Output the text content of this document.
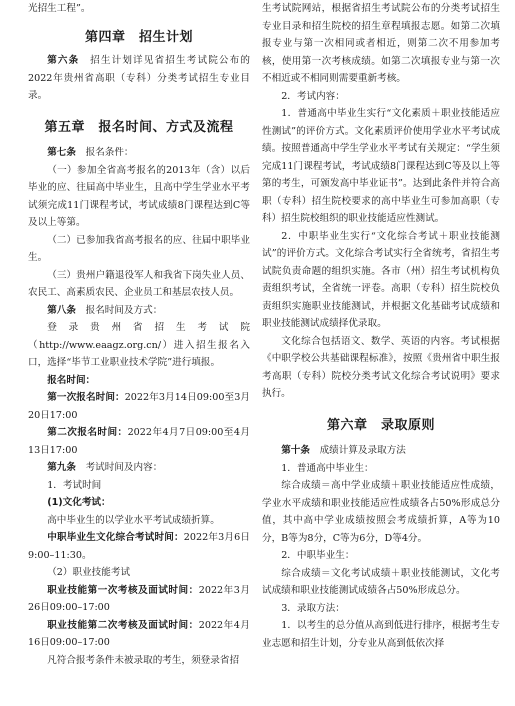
光招生工程”。

第四章　招生计划

第六条　 招生计划详见省招生考试院公布的2022年贵州省高职（专科）分类考试招生专业目录。

第五章　报名时间、方式及流程

第七条　 报名条件：

（一）参加全省高考报名的2013年（含）以后毕业的应、往届高中毕业生，且高中学生学业水平考试须完成11门课程考试，考试成绩8门课程达到C等及以上等第。

（二）已参加我省高考报名的应、往届中职毕业生。

（三）贵州户籍退役军人和我省下岗失业人员、农民工、高素质农民、企业员工和基层农技人员。

第八条　 报名时间及方式：

登录贵州省招生考试院（http://www.eaagz.org.cn/）进入招生报名入口，选择“毕节工业职业技术学院”进行填报。

报名时间：

第一次报名时间：2022年3月14日09:00至3月20日17:00

第二次报名时间：2022年4月7日09:00至4月13日17:00

第九条　 考试时间及内容：

1．考试时间

(1)文化考试：

高中毕业生的以学业水平考试成绩折算。

中职毕业生文化综合考试时间：2022年3月6日9:00–11:30。

（2）职业技能考试

职业技能第一次考核及面试时间：2022年3月26日09:00–17:00

职业技能第二次考核及面试时间：2022年4月16日09:00–17:00

凡符合报考条件未被录取的考生，须登录省招

生考试院网站，根据省招生考试院公布的分类考试招生专业目录和招生院校的招生章程填报志愿。如第二次填报专业与第一次相同或者相近，则第二次不用参加考核，使用第一次考核成绩。如第二次填报专业与第一次不相近或不相同则需要重新考核。

2．考试内容：

1．普通高中毕业生实行“文化素质＋职业技能适应性测试”的评价方式。文化素质评价使用学业水平考试成绩。按照普通高中学生学业水平考试有关规定：“学生须完成11门课程考试，考试成绩8门课程达到C等及以上等第的考生，可颁发高中毕业证书”。达到此条件并符合高职（专科）招生院校要求的高中毕业生可参加高职（专科）招生院校组织的职业技能适应性测试。

2．中职毕业生实行“文化综合考试＋职业技能测试”的评价方式。文化综合考试实行全省统考，省招生考试院负责命题的组织实施。各市（州）招生考试机构负责组织考试，全省统一评卷。高职（专科）招生院校负责组织实施职业技能测试，并根据文化基础考试成绩和职业技能测试成绩择优录取。

文化综合包括语文、数学、英语的内容。考试根据《中职学校公共基础课程标准》，按照《贵州省中职生报考高职（专科）院校分类考试文化综合考试说明》要求执行。

第六章　录取原则

第十条　 成绩计算及录取方法

1．普通高中毕业生：

综合成绩＝高中学业成绩＋职业技能适应性成绩，学业水平成绩和职业技能适应性成绩各占50%形成总分值，其中高中学业成绩按照会考成绩折算，A等为10分，B等为8分，C等为6分，D等4分。

2．中职毕业生：

综合成绩＝文化考试成绩＋职业技能测试，文化考试成绩和职业技能测试成绩各占50%形成总分。

3．录取方法：

1．以考生的总分值从高到低进行排序，根据考生专业志愿和招生计划，分专业从高到低依次择
